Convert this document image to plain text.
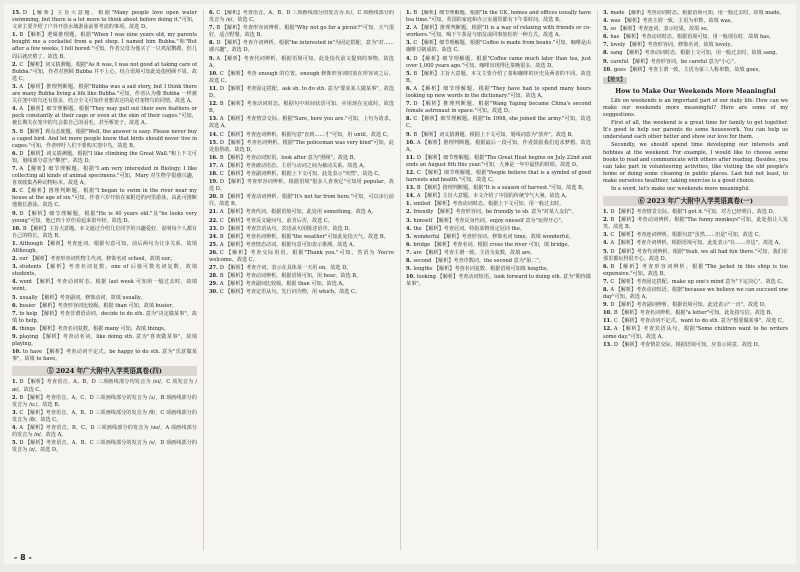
15. D 【解析】主旨大意题。根据"Many people love open water swimming, but there is a lot more to think about before doing it."可知，文章主要介绍了户外开放水域游泳前要考虑的事项。故选 D。
1. B 【解析】逻辑推理题。根据"When I was nine years old, my parents bought me a cockatiel from a pet shop. I named him Bubba."和"But after a few weeks, I fell bored."可知，作者父母为他买了一只鸡尾鹦鹉，但几周后就厌倦了。故选 B。
2. C 【解析】词义猜测题。根据"As it was, I was not good at taking care of Bubba."可知，作者对照顾 Bubba 并不上心，结合语境可知此处指照顾不周。故选 C。
3. A 【解析】推理判断题。根据"Bubba was a sad story, but I think there are many Bubba living a life like Bubba."可知，作者认为像 Bubba 一样被关在笼中的鸟还有很多，结合全文可知作者想表达的是对宠物鸟的同情。故选 A。
4. A 【解析】细节理解题。根据"They may pull out their own feathers or peck constantly at their cage or even at the skin of their cages."可知，被长期关在笼中的鸟会拔自己的羽毛，甚至啄笼子。故选 A。
5. B 【解析】观点态度题。根据"Well, the answer is easy. Please never buy a caged bird. And let more people know that birds should never live in cages."可知，作者呼吁人们不要购买笼中鸟。故选 B。
6. D 【解析】词义猜测题。根据"I like climbing the Great Wall."和上下文可知，划线部分意为"攀登"。故选 D。
7. A 【解析】细节理解题。根据"I am very interested in Biology. I like collecting all kinds of animal specimens."可知，Mary 对生物学很感兴趣，喜欢收集各种动物标本。故选 A。
8. C 【解析】推理判断题。根据"I began to swim in the river near my house at the age of six."可知，作者六岁开始在家附近的河里游泳，由此可推断他擅长游泳。故选 C。
9. D 【解析】细节理解题。根据"He is 40 years old."及"he looks very young"可知，他已四十岁但看起来很年轻。故选 D。
10. B 【解析】主旨大意题。本文通过介绍几位同学的兴趣爱好，说明每个人都有自己的特长。故选 B。
1. Although 【解析】考查连词。根据句意可知，前后两句为让步关系，故填 Although。
2. our 【解析】考查形容词性物主代词。修饰名词 school，故填 our。
3. students 【解析】考查名词复数。one of 后接可数名词复数，故填 students。
4. went 【解析】考查动词时态。根据 last week 可知用一般过去时，故填 went。
5. usually 【解析】考查副词。修饰动词，故填 usually。
6. busier 【解析】考查形容词比较级。根据 than 可知，故填 busier。
7. to help 【解析】考查非谓语动词。decide to do sth. 意为"决定做某事"，故填 to help。
8. things 【解析】考查名词复数。根据 many 可知，故填 things。
9. playing 【解析】考查动名词。like doing sth. 意为"喜欢做某事"，故填 playing。
10. to have 【解析】考查动词不定式。be happy to do sth. 意为"乐意做某事"，故填 to have。
⑤ 2024 年广大附中入学英语真卷(四)
1. D 【解析】考查语音。A、B、D 三项画线部分均发音为 /ei/，C 项发音为 /æ/。故选 C。
2. B 【解析】考查语音。A、C、D 三项画线部分的发音为 /ʌ/，B 项画线部分的发音为 /u:/。故选 B。
3. C 【解析】考查语音。A、B、D 三项画线部分的发音为 /θ/，C 项画线部分的发音为 /ð/。故选 C。
4. A 【解析】考查语音。B、C、D 三项画线部分的发音为 /əʊ/，A 项画线部分的发音为 /ɒ/。故选 A。
5. D 【解析】考查语音。A、B、C 三项画线部分的发音为 /s/，D 项画线部分的发音为 /z/。故选 D。
6. C 【解析】考查语音。A、B、D 三项画线部分的发音为 /i:/，C 项画线部分的发音为 /e/。故选 C。
7. B 【解析】考查形容词辨析。根据"Why not go for a picnic?"可知，天气很好，适合野餐。故选 B。
8. D 【解析】考查介词辨析。根据"be interested in"为固定搭配，意为"对……感兴趣"。故选 D。
9. A 【解析】考查代词辨析。根据语境可知，此处指代前文提到的事物。故选 A。
10. C 【解析】考查 enough 的位置。enough 修饰形容词时放在形容词之后。故选 C。
11. D 【解析】考查固定搭配。ask sb. to do sth. 意为"要求某人做某事"。故选 D。
12. B 【解析】考查动词时态。根据句中时间状语可知，应用现在完成时。故选 B。
13. A 【解析】考查情景交际。根据"Sure, here you are."可知，上句为请求。故选 A。
14. C 【解析】考查连词辨析。根据句意"直到……才"可知，用 until。故选 C。
15. D 【解析】考查名词辨析。根据"The policeman was very kind"可知，此处指帮助。故选 D。
16. B 【解析】考查动词短语。look after 意为"照顾"。故选 B。
17. A 【解析】考查被动语态。主语与动词之间为被动关系。故选 A。
18. C 【解析】考查副词辨析。根据上下文可知，此处表示"突然"。故选 C。
19. D 【解析】考查形容词辨析。根据语境"很多人喜欢它"可知用 popular。故选 D。
20. B 【解析】考查动词辨析。根据"It's not far from here."可知，可以步行前往。故选 B。
21. A 【解析】考查代词。根据语境可知，此处用 something。故选 A。
22. C 【解析】考查反义疑问句。前肯后否，故选 C。
23. D 【解析】考查宾语从句。宾语从句用陈述语序。故选 D。
24. B 【解析】考查名词辨析。根据"the weather"可知此处指天气。故选 B。
25. A 【解析】考查情态动词。根据句意可知表示推测。故选 A。
26. C 【解析】考查交际用语。根据"Thank you."可知，答语为 You're welcome。故选 C。
27. D 【解析】考查介词。表示在具体某一天用 on。故选 D。
28. B 【解析】考查动词辨析。根据语境可知，用 hear。故选 B。
29. A 【解析】考查副词比较级。根据 than 可知，故选 A。
30. C 【解析】考查定语从句。先行词为物，用 which。故选 C。
1. B 【解析】细节理解题。根据"In the UK, homes and offices usually have tea time."可知，英国的家庭和办公室通常都有下午茶时间。故选 B。
2. A 【解析】推理判断题。根据"It is a way of relaxing with friends or co-workers."可知，喝下午茶是与朋友或同事放松的一种方式。故选 A。
3. C 【解析】细节理解题。根据"Coffee is made from beans."可知，咖啡是由咖啡豆制成的。故选 C。
4. D 【解析】细节理解题。根据"Coffee came much later than tea, just over 1,000 years ago."可知，咖啡出现得比茶晚很多。故选 D。
5. B 【解析】主旨大意题。本文主要介绍了茶和咖啡的历史及两者的不同。故选 B。
6. A 【解析】细节理解题。根据"They have had to spend many hours looking up new words in the dictionary."可知。故选 A。
7. D 【解析】推理判断题。根据"Wang Yaping became China's second female astronaut in space."可知。故选 D。
8. C 【解析】细节理解题。根据"In 1998, she joined the army."可知。故选 C。
9. B 【解析】词义猜测题。根据上下文可知，划线词意为"放弃"。故选 B。
10. A 【解析】推理判断题。根据最后一段可知，作者鼓励我们追求梦想。故选 A。
11. D 【解析】细节理解题。根据"The Great Heat begins on July 22nd and ends on August 6th this year."可知，大暑是一年中最热的时候。故选 D。
12. C 【解析】细节理解题。根据"People believe that is a symbol of good harvests and health."可知。故选 C。
13. B 【解析】推理判断题。根据"It is a season of harvest."可知。故选 B。
14. A 【解析】主旨大意题。本文介绍了中国的传统节气大暑。故选 A。
1. smiled 【解析】考查动词时态。根据上下文可知，用一般过去时。
2. friendly 【解析】考查形容词。be friendly to sb. 意为"对某人友好"。
3. himself 【解析】考查反身代词。enjoy oneself 意为"玩得开心"。
4. the 【解析】考查冠词。特指某物用定冠词 the。
5. wonderful 【解析】考查形容词。修饰名词 time，故填 wonderful。
6. bridge 【解析】考查名词。根据 cross the river 可知，填 bridge。
7. are 【解析】考查主谓一致。主语为复数，故填 are。
8. second 【解析】考查序数词。the second 意为"第二"。
9. lengths 【解析】考查名词复数。根据语境可知填 lengths。
10. looking 【解析】考查动词短语。look forward to doing sth. 意为"期待做某事"。
3. made 【解析】考查动词时态。根据语境可知，用一般过去时，故填 made。
4. was 【解析】考查主谓一致。主语为单数，故填 was。
5. so 【解析】考查连词。表示结果，故填 so。
6. has 【解析】考查动词时态。根据语境可知，用一般现在时，故填 has。
7. lovely 【解析】考查形容词。修饰名词，故填 lovely。
8. sang 【解析】考查动词时态。根据上文可知，用一般过去时，故填 sang。
9. careful 【解析】考查形容词。be careful 意为"小心"。
10. goes 【解析】考查主谓一致。主语为第三人称单数，故填 goes。
【范文】
How to Make Our Weekends More Meaningful
Life on weekends is an important part of our daily life. How can we make our weekends more meaningful? Here are some of my suggestions.
First of all, the weekend is a great time for family to get together. It's good to help our parents do some housework. You can help us understand each other better and show our love for them.
Secondly, we should spend time developing our interests and hobbies at the weekend. For example, I would like to choose some books to read and communicate with others after reading. Besides, you can take part in volunteering activities, like visiting the old people's home or doing some cleaning in public places. Last but not least, to make ourselves healthier, taking exercise is a good choice.
In a word, let's make our weekends more meaningful.
⑥ 2023 年广大附中入学英语真卷(一)
1. D 【解析】考查情景交际。根据"I got it."可知，对方已经明白。故选 D。
2. B 【解析】考查动词辨析。根据"The funny monkeys"可知，此处指让人发笑。故选 B。
3. C 【解析】考查连词辨析。根据句意"虽然……但是"可知，故选 C。
4. A 【解析】考查介词辨析。根据语境可知，此处表示"在……旁边"。故选 A。
5. D 【解析】考查代词辨析。根据"Yeah, we all had fun there."可知，我们在那里都玩得很开心。故选 D。
6. B 【解析】考查形容词辨析。根据"The jacket in this shop is too expensive."可知。故选 B。
7. C 【解析】考查固定搭配。make up one's mind 意为"下定决心"。故选 C。
8. A 【解析】考查动词短语。根据"because we believe we can succeed one day"可知。故选 A。
9. D 【解析】考查副词辨析。根据语境可知，此处表示"一直"。故选 D。
10. B 【解析】考查名词辨析。根据"a letter"可知，此处指写信。故选 B。
11. C 【解析】考查动词不定式。want to do sth. 意为"想要做某事"。故选 C。
12. A 【解析】考查宾语从句。根据"Some children want to be writers some day."可知。故选 A。
13. D 【解析】考查情景交际。根据语境可知，应表示同意。故选 D。
- 8 -
